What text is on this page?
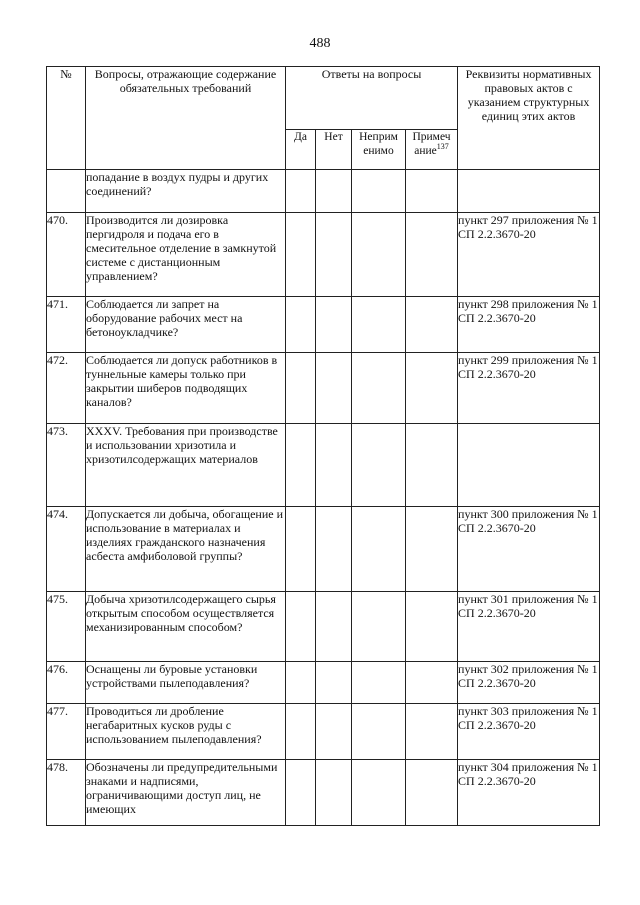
488
№	Вопросы, отражающие содержание обязательных требований	Ответы на вопросы				Реквизиты нормативных правовых актов с указанием структурных единиц этих актов
		Да	Нет	Неприм енимо	Примеч ание$^{137}$
	попадание в воздух пудры и других соединений?					
470.	Производится ли дозировка пергидроля и подача его в смесительное отделение в замкнутой системе с дистанционным управлением?					пункт 297 приложения № 1 СП 2.2.3670-20
471.	Соблюдается ли запрет на оборудование рабочих мест на бетоноукладчике?					пункт 298 приложения № 1 СП 2.2.3670-20
472.	Соблюдается ли допуск работников в туннельные камеры только при закрытии шиберов подводящих каналов?					пункт 299 приложения № 1 СП 2.2.3670-20
473.	XXXV. Требования при производстве и использовании хризотила и хризотилсодержащих материалов					
474.	Допускается ли добыча, обогащение и использование в материалах и изделиях гражданского назначения асбеста амфиболовой группы?					пункт 300 приложения № 1 СП 2.2.3670-20
475.	Добыча хризотилсодержащего сырья открытым способом осуществляется механизированным способом?					пункт 301 приложения № 1 СП 2.2.3670-20
476.	Оснащены ли буровые установки устройствами пылеподавления?					пункт 302 приложения № 1 СП 2.2.3670-20
477.	Проводиться ли дробление негабаритных кусков руды с использованием пылеподавления?					пункт 303 приложения № 1 СП 2.2.3670-20
478.	Обозначены ли предупредительными знаками и надписями, ограничивающими доступ лиц, не имеющих					пункт 304 приложения № 1 СП 2.2.3670-20
